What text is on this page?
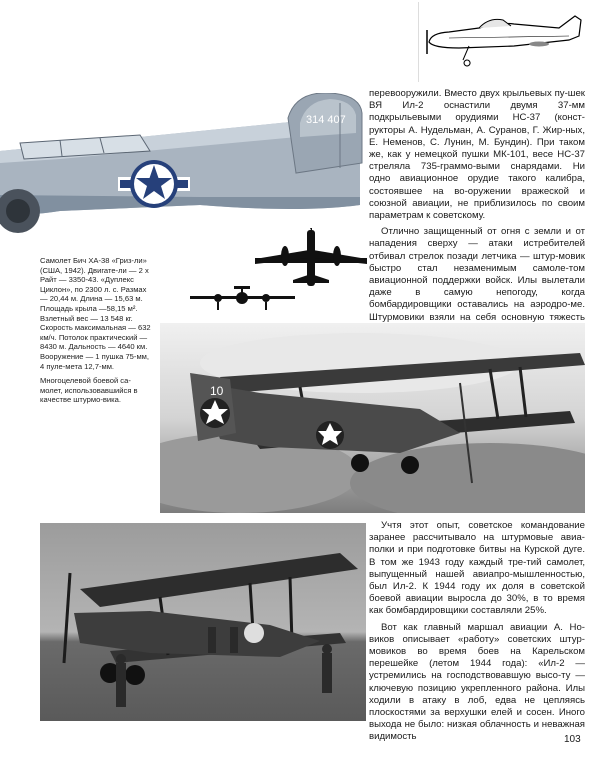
314 407

Самолет Бич ХА-38 «Гриз-ли» (США, 1942). Двигате-ли — 2 х Райт — 3350-43. «Дуплекс Циклон», по 2300 л. с. Размах — 20,44 м. Длина — 15,63 м. Площадь крыла —58,15 м². Взлетный вес — 13 548 кг. Скорость максимальная — 632 км/ч. Потолок практический — 8430 м. Дальность — 4640 км. Вооружение — 1 пушка 75-мм, 4 пуле-мета 12,7-мм.

Многоцелевой боевой са-молет, использовавшийся в качестве штурмо-вика.

перевооружили. Вместо двух крыльевых пу-шек ВЯ Ил-2 оснастили двумя 37-мм подкрыльевыми орудиями НС-37 (конст-рукторы А. Нудельман, А. Суранов, Г. Жир-ных, Е. Неменов, С. Лунин, М. Бундин). При таком же, как у немецкой пушки МК-101, весе НС-37 стреляла 735-граммо-выми снарядами. Ни одно авиационное орудие такого калибра, состоявшее на во-оружении вражеской и союзной авиации, не приблизилось по своим параметрам к советскому.

Отлично защищенный от огня с земли и от нападения сверху — атаки истребителей отбивал стрелок позади летчика — штур-мовик быстро стал незаменимым самоле-том авиационной поддержки войск. Илы вылетали даже в самую непогоду, когда бомбардировщики оставались на аэродро-ме. Штурмовики взяли на себя основную тяжесть

10

Учтя этот опыт, советское командование заранее рассчитывало на штурмовые авиа-полки и при подготовке битвы на Курской дуге. В том же 1943 году каждый тре-тий самолет, выпущенный нашей авиапро-мышленностью, был Ил-2. К 1944 году их доля в советской боевой авиации выросла до 30%, в то время как бомбардировщики составляли 25%.

Вот как главный маршал авиации А. Но-виков описывает «работу» советских штур-мовиков во время боев на Карельском перешейке (летом 1944 года): «Ил-2 — устремились на господствовавшую высо-ту — ключевую позицию укрепленного района. Илы ходили в атаку в лоб, едва не цепляясь плоскостями за верхушки елей и сосен. Иного выхода не было: низкая облачность и неважная видимость	103
